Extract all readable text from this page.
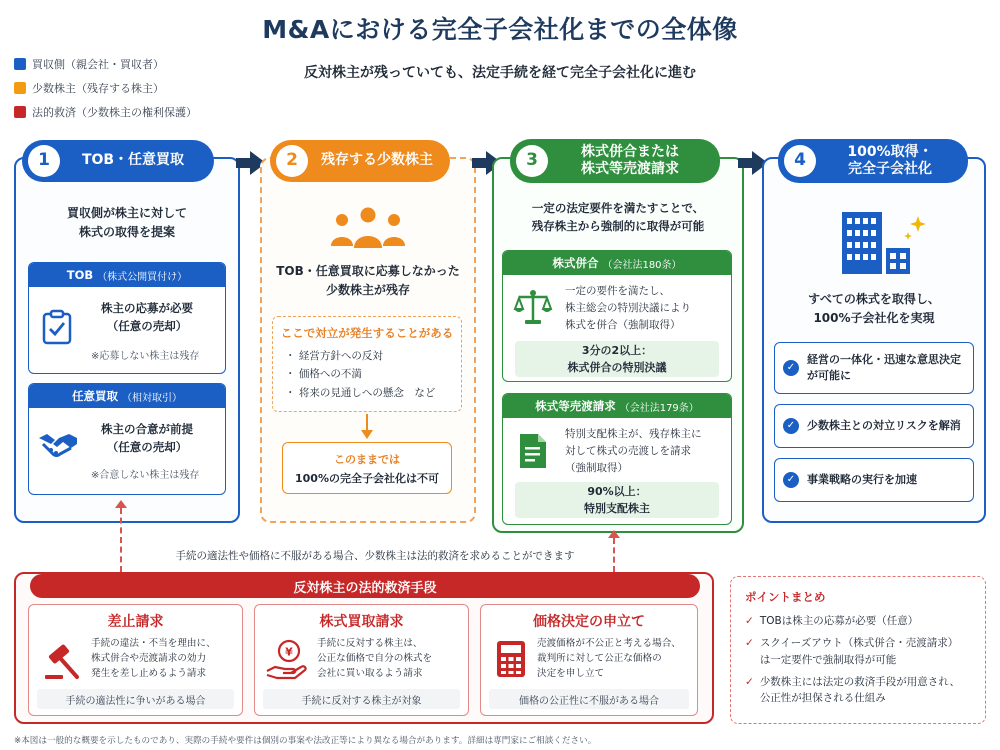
M&Aにおける完全子会社化までの全体像
反対株主が残っていても、法定手続を経て完全子会社化に進む
買収側（親会社・買収者）
少数株主（残存する株主）
法的救済（少数株主の権利保護）
1	TOB・任意買取
買収側が株主に対して
株式の取得を提案
TOB （株式公開買付け）
株主の応募が必要
（任意の売却）
※応募しない株主は残存
任意買取 （相対取引）
株主の合意が前提
（任意の売却）
※合意しない株主は残存
2	残存する少数株主
TOB・任意買取に応募しなかった
少数株主が残存
ここで対立が発生することがある
・ 経営方針への反対
・ 価格への不満
・ 将来の見通しへの懸念　など
このままでは
100%の完全子会社化は不可
3	株式併合または
株式等売渡請求
一定の法定要件を満たすことで、
残存株主から強制的に取得が可能
株式併合 （会社法180条）
一定の要件を満たし、
株主総会の特別決議により
株式を併合（強制取得）
3分の2以上：
株式併合の特別決議
株式等売渡請求 （会社法179条）
特別支配株主が、残存株主に
対して株式の売渡しを請求
（強制取得）
90%以上：
特別支配株主
4	100%取得・
完全子会社化
すべての株式を取得し、
100%子会社化を実現
✓
経営の一体化・迅速な意思決定
が可能に
✓	少数株主との対立リスクを解消
✓	事業戦略の実行を加速
手続の適法性や価格に不服がある場合、少数株主は法的救済を求めることができます
反対株主の法的救済手段
差止請求
手続の違法・不当を理由に、
株式併合や売渡請求の効力
発生を差し止めるよう請求
手続の適法性に争いがある場合
株式買取請求
¥
手続に反対する株主は、
公正な価格で自分の株式を
会社に買い取るよう請求
手続に反対する株主が対象
価格決定の申立て
売渡価格が不公正と考える場合、
裁判所に対して公正な価格の
決定を申し立て
価格の公正性に不服がある場合
ポイントまとめ
✓ TOBは株主の応募が必要（任意）
✓ スクイーズアウト（株式併合・売渡請求）
は一定要件で強制取得が可能
✓ 少数株主には法定の救済手段が用意され、
公正性が担保される仕組み
※本図は一般的な概要を示したものであり、実際の手続や要件は個別の事案や法改正等により異なる場合があります。詳細は専門家にご相談ください。
